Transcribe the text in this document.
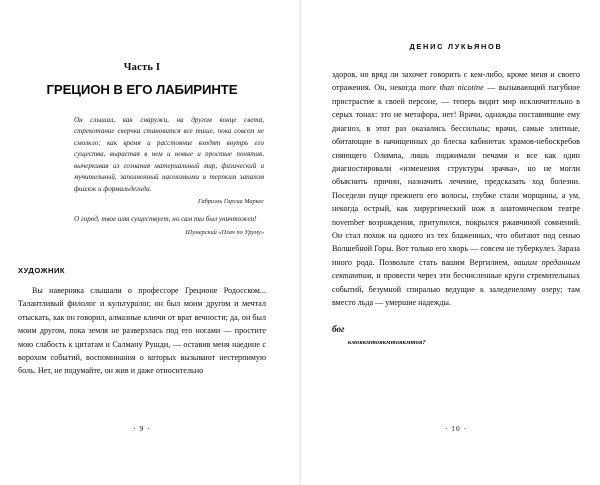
Часть I
ГРЕЦИОН В ЕГО ЛАБИРИНТЕ
Он слышал, как снаружи, на другом конце света, стрекотание сверчка становится все тише, пока совсем не смолкло; как время и расстояние входят внутрь его существа, вырастая в нем и новые и простые понятия, вычеркивая из сознания материальный мир, физический и мучительный, заполненный насекомыми и терпким запахом фиалок и формальдегида.
Габриэль Гарсиа Маркес
О город, твое имя существует, но сам ты был уничтожен!
Шумерский «Плач по Уруму»
ХУДОЖНИК
Вы наверняка слышали о профессоре Греционе Родосском... Талантливый филолог и культуролог, он был моим другом и мечтал отыскать, как он говорил, алмазные ключи от врат вечности; да, он был моим другом, пока земля не разверзлась под его ногами — простите мою слабость к цитатам и Салману Рушди, — оставив меня наедине с ворохом событий, воспоминания о которых вызывают нестерпимую боль. Нет, не подумайте, он жив и даже относительно
· 9 ·
ДЕНИС ЛУКЬЯНОВ
здоров, но вряд ли захочет говорить с кем-либо, кроме меня и своего отражения. Он, некогда more than nicotine — вызывающий пагубное пристрастие к своей персоне, — теперь видит мир исключительно в серых тонах: это не метафора, нет! Врачи, однажды поставившие ему диагноз, в этот раз оказались бессильны; врачи, самые элитные, обитающие в начищенных до блеска кабинетах храмов-небоскребов сияющего Олимпа, лишь поджимали печами и все как один диагностировали «изменения структуры зрачка», но не могли объяснить причин, назначить лечение, предсказать ход болезни. Поседели пуще прежнего его волосы, глубже стали морщины, а ум, некогда острый, как хирургический нож в анатомическом театре november возрождения, притупился, покрылся ржавчиной сомнений. Он стал похож на одного из тех блаженных, что обитают под сенью Волшебной Горы. Вот только его хворь — совсем не туберкулез. Зараза иного рода. Позвольте стать вашим Вергилием, вашим преданным сектантом, и провести через эти бесчисленные круги стремительных событий, безумной спиралью ведущие к заледенелому озеру; там вместо льда — умершие надежды.
бог
кмоякмтоякмтоякмтоя?
· 10 ·
